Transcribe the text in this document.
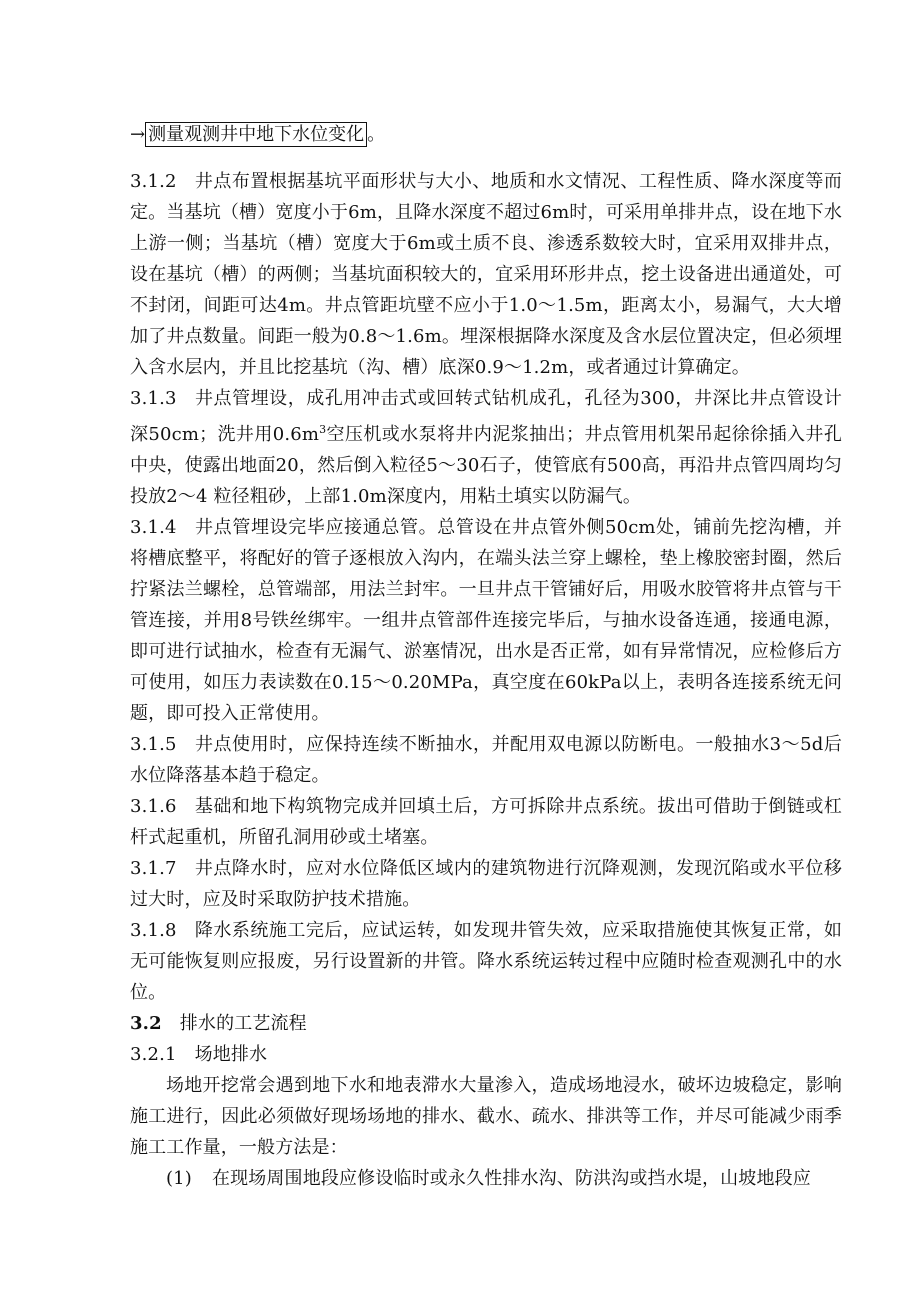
→ 测量观测井中地下水位变化 。

3.1.2 井点布置根据基坑平面形状与大小、地质和水文情况、工程性质、降水深度等而定。当基坑（槽）宽度小于6m，且降水深度不超过6m时，可采用单排井点，设在地下水上游一侧；当基坑（槽）宽度大于6m或土质不良、渗透系数较大时，宜采用双排井点，设在基坑（槽）的两侧；当基坑面积较大的，宜采用环形井点，挖土设备进出通道处，可不封闭，间距可达4m。井点管距坑壁不应小于1.0～1.5m，距离太小，易漏气，大大增加了井点数量。间距一般为0.8～1.6m。埋深根据降水深度及含水层位置决定，但必须埋入含水层内，并且比挖基坑（沟、槽）底深0.9～1.2m，或者通过计算确定。

3.1.3 井点管埋设，成孔用冲击式或回转式钻机成孔，孔径为300，井深比井点管设计深50cm；洗井用$0.6m^3$空压机或水泵将井内泥浆抽出；井点管用机架吊起徐徐插入井孔中央，使露出地面20，然后倒入粒径5～30石子，使管底有500高，再沿井点管四周均匀投放2～4 粒径粗砂，上部1.0m深度内，用粘土填实以防漏气。

3.1.4 井点管埋设完毕应接通总管。总管设在井点管外侧50cm处，铺前先挖沟槽，并将槽底整平，将配好的管子逐根放入沟内，在端头法兰穿上螺栓，垫上橡胶密封圈，然后拧紧法兰螺栓，总管端部，用法兰封牢。一旦井点干管铺好后，用吸水胶管将井点管与干管连接，并用8号铁丝绑牢。一组井点管部件连接完毕后，与抽水设备连通，接通电源，即可进行试抽水，检查有无漏气、淤塞情况，出水是否正常，如有异常情况，应检修后方可使用，如压力表读数在0.15～0.20MPa，真空度在60kPa以上，表明各连接系统无问题，即可投入正常使用。

3.1.5 井点使用时，应保持连续不断抽水，并配用双电源以防断电。一般抽水3～5d后水位降落基本趋于稳定。

3.1.6 基础和地下构筑物完成并回填土后，方可拆除井点系统。拔出可借助于倒链或杠杆式起重机，所留孔洞用砂或土堵塞。

3.1.7 井点降水时，应对水位降低区域内的建筑物进行沉降观测，发现沉陷或水平位移过大时，应及时采取防护技术措施。

3.1.8 降水系统施工完后，应试运转，如发现井管失效，应采取措施使其恢复正常，如无可能恢复则应报废，另行设置新的井管。降水系统运转过程中应随时检查观测孔中的水位。

3.2 排水的工艺流程

3.2.1 场地排水

场地开挖常会遇到地下水和地表滞水大量渗入，造成场地浸水，破坏边坡稳定，影响施工进行，因此必须做好现场场地的排水、截水、疏水、排洪等工作，并尽可能减少雨季施工工作量，一般方法是：

(1) 在现场周围地段应修设临时或永久性排水沟、防洪沟或挡水堤，山坡地段应
